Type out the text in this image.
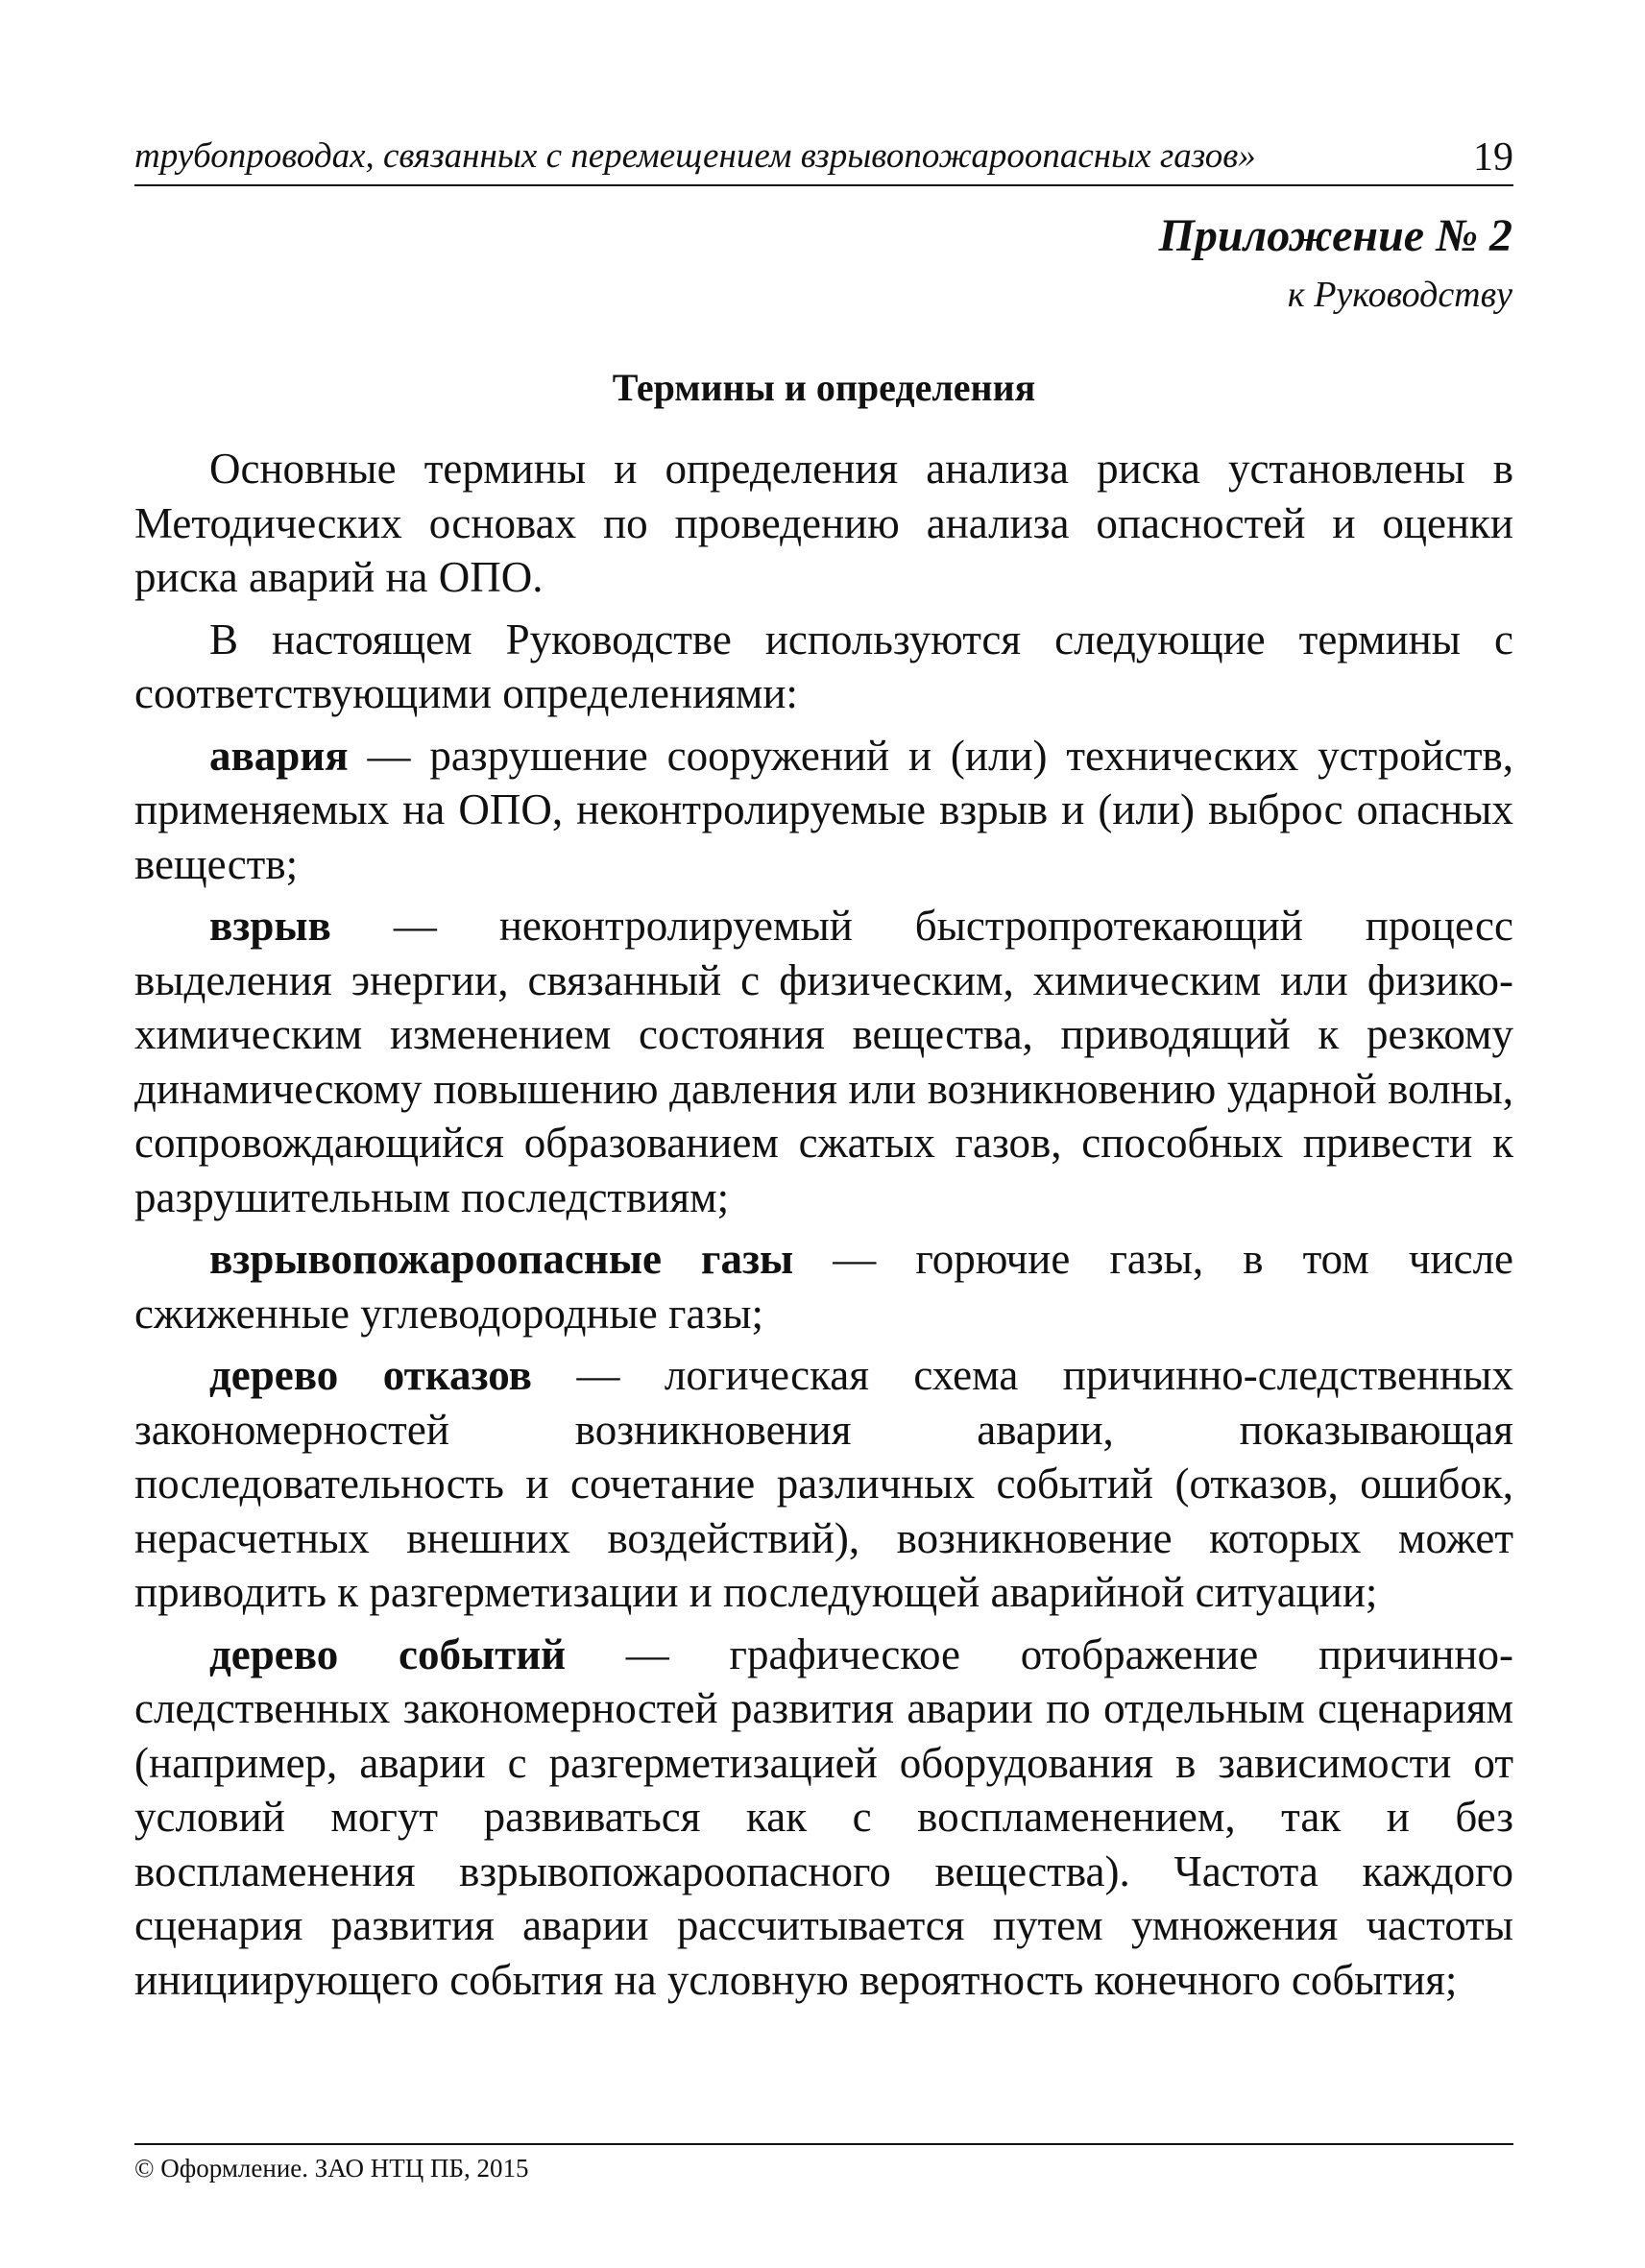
трубопроводах, связанных с перемещением взрывопожароопасных газов»	19
Приложение № 2
к Руководству
Термины и определения

Основные термины и определения анализа риска установлены в Методических основах по проведению анализа опасностей и оценки риска аварий на ОПО.

В настоящем Руководстве используются следующие термины с соответствующими определениями:

авария — разрушение сооружений и (или) технических устройств, применяемых на ОПО, неконтролируемые взрыв и (или) выброс опасных веществ;

взрыв — неконтролируемый быстропротекающий процесс выделения энергии, связанный с физическим, химическим или физико-химическим изменением состояния вещества, приводящий к резкому динамическому повышению давления или возникновению ударной волны, сопровождающийся образованием сжатых газов, способных привести к разрушительным последствиям;

взрывопожароопасные газы — горючие газы, в том числе сжиженные углеводородные газы;

дерево отказов — логическая схема причинно-следственных закономерностей возникновения аварии, показывающая последовательность и сочетание различных событий (отказов, ошибок, нерасчетных внешних воздействий), возникновение которых может приводить к разгерметизации и последующей аварийной ситуации;

дерево событий — графическое отображение причинно-следственных закономерностей развития аварии по отдельным сценариям (например, аварии с разгерметизацией оборудования в зависимости от условий могут развиваться как с воспламенением, так и без воспламенения взрывопожароопасного вещества). Частота каждого сценария развития аварии рассчитывается путем умножения частоты инициирующего события на условную вероятность конечного события;

© Оформление. ЗАО НТЦ ПБ, 2015
